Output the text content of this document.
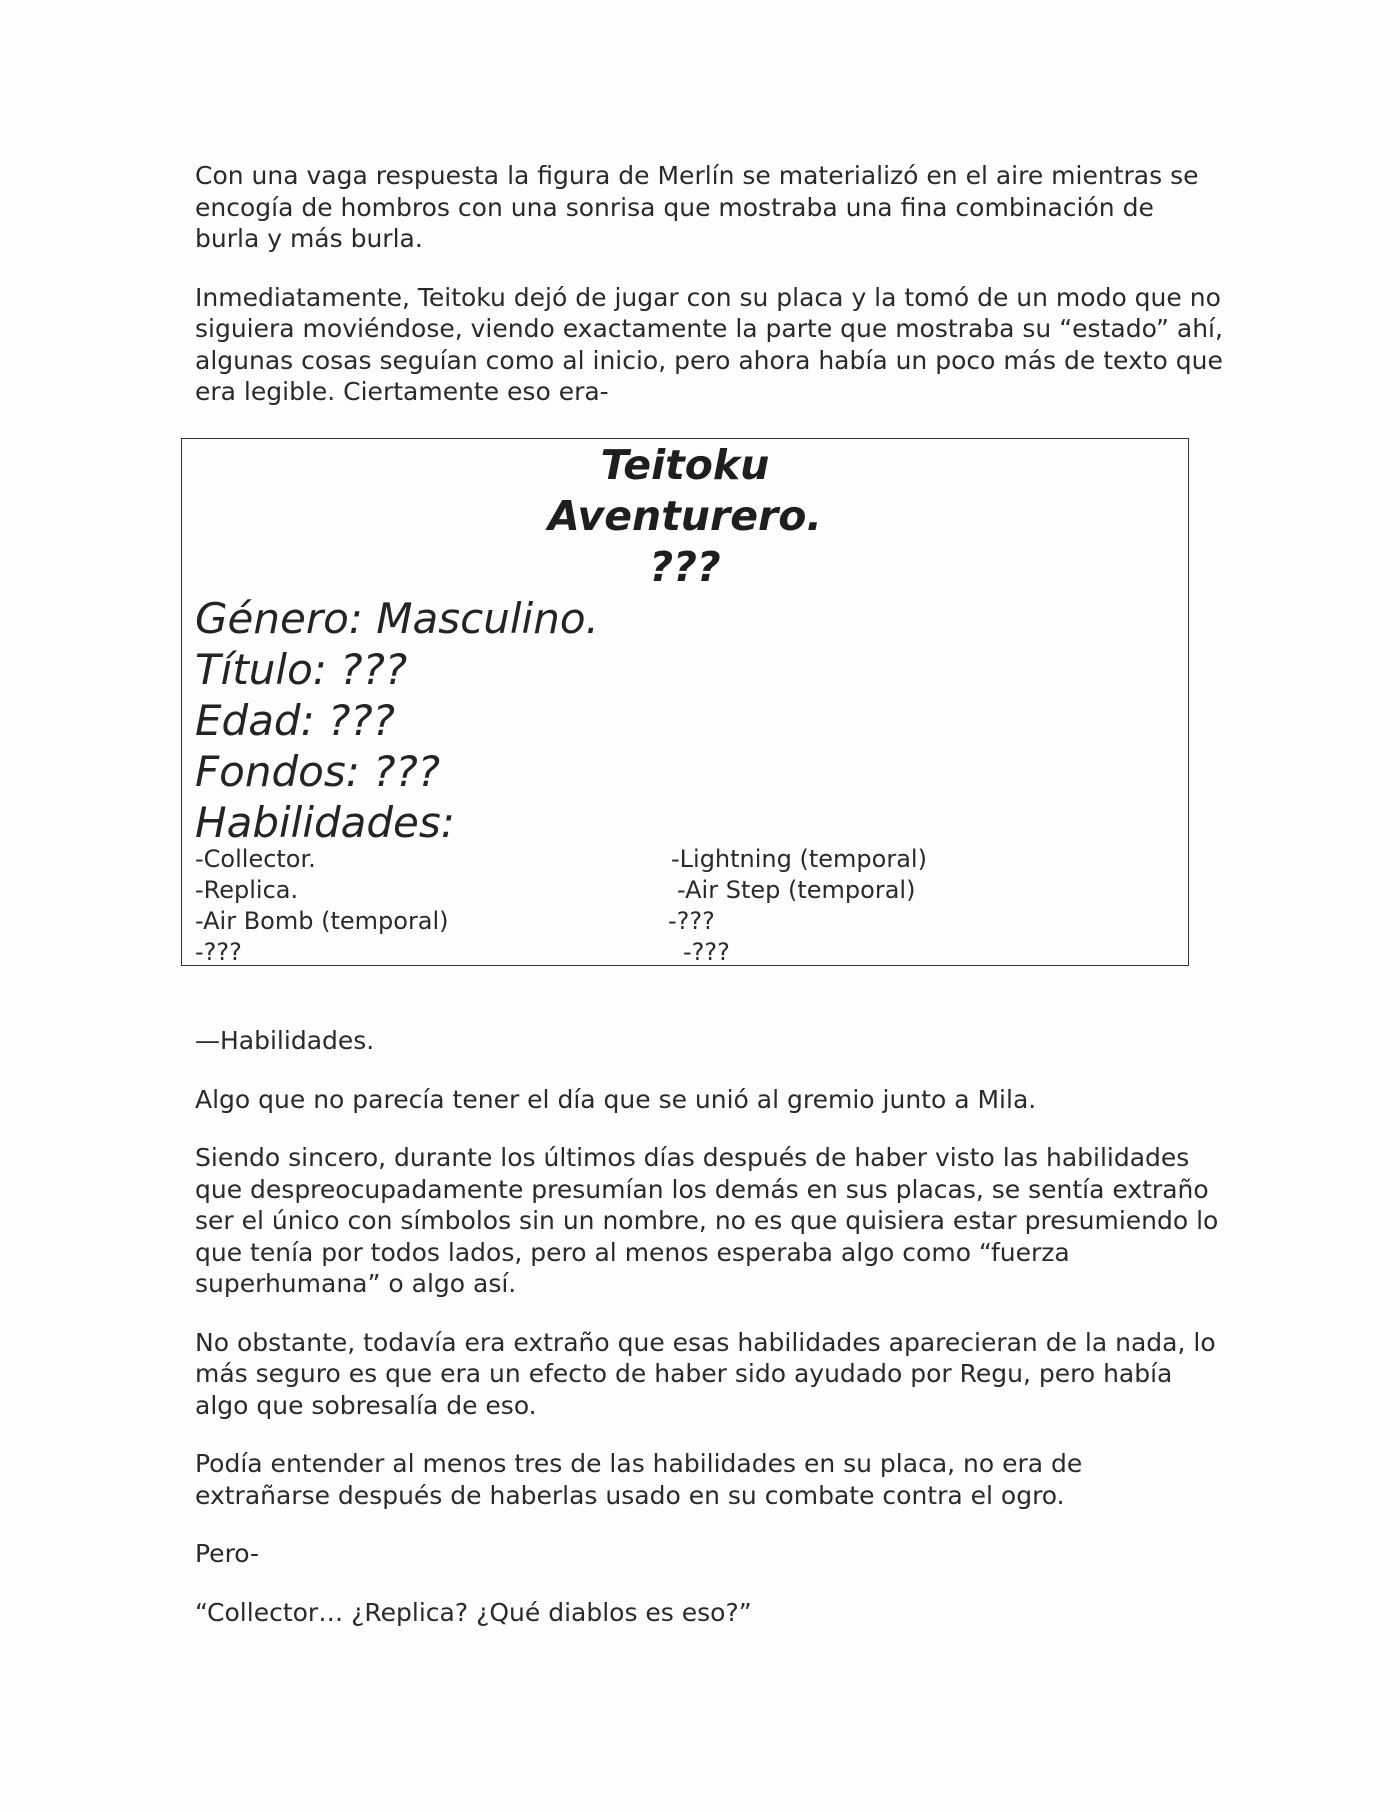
Con una vaga respuesta la figura de Merlín se materializó en el aire mientras se encogía de hombros con una sonrisa que mostraba una fina combinación de burla y más burla.

Inmediatamente, Teitoku dejó de jugar con su placa y la tomó de un modo que no siguiera moviéndose, viendo exactamente la parte que mostraba su “estado” ahí, algunas cosas seguían como al inicio, pero ahora había un poco más de texto que era legible. Ciertamente eso era-

Teitoku
Aventurero.
???
Género: Masculino.
Título: ???
Edad: ???
Fondos: ???
Habilidades:
-Collector.	-Lightning (temporal)
-Replica.	-Air Step (temporal)
-Air Bomb (temporal)	-???
-???	-???

—Habilidades.

Algo que no parecía tener el día que se unió al gremio junto a Mila.

Siendo sincero, durante los últimos días después de haber visto las habilidades que despreocupadamente presumían los demás en sus placas, se sentía extraño ser el único con símbolos sin un nombre, no es que quisiera estar presumiendo lo que tenía por todos lados, pero al menos esperaba algo como “fuerza superhumana” o algo así.

No obstante, todavía era extraño que esas habilidades aparecieran de la nada, lo más seguro es que era un efecto de haber sido ayudado por Regu, pero había algo que sobresalía de eso.

Podía entender al menos tres de las habilidades en su placa, no era de extrañarse después de haberlas usado en su combate contra el ogro.

Pero-

“Collector… ¿Replica? ¿Qué diablos es eso?”
